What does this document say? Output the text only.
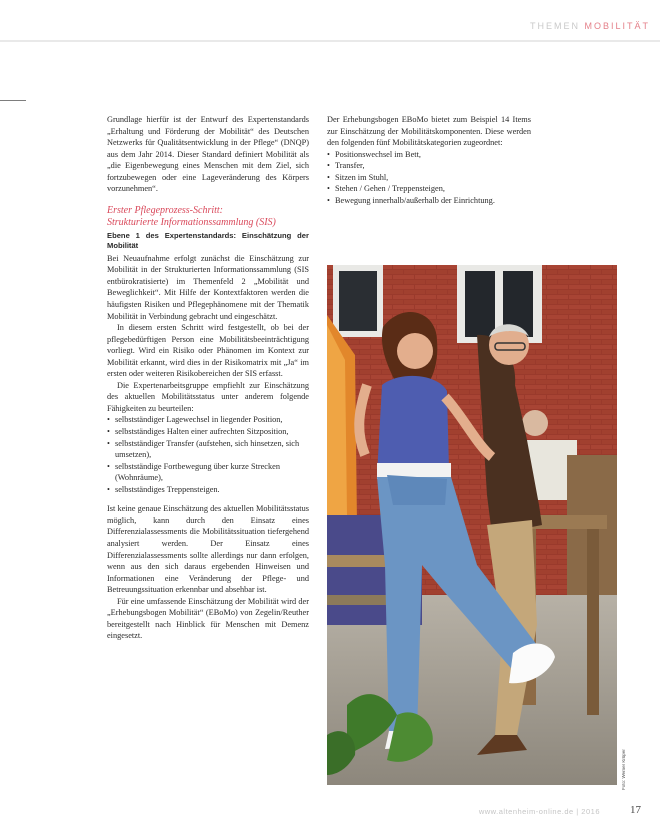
THEMEN MOBILITÄT

Grundlage hierfür ist der Entwurf des Expertenstandards „Erhaltung und Förderung der Mobilität“ des Deutschen Netzwerks für Qualitätsentwicklung in der Pflege“ (DNQP) aus dem Jahr 2014. Dieser Standard definiert Mobilität als „die Eigenbewegung eines Menschen mit dem Ziel, sich fortzubewegen oder eine Lageveränderung des Körpers vorzunehmen“.

Erster Pflegeprozess-Schritt:
Strukturierte Informationssammlung (SIS)
Ebene 1 des Expertenstandards: Einschätzung der Mobilität

Bei Neuaufnahme erfolgt zunächst die Einschätzung zur Mobilität in der Strukturierten Informationssammlung (SIS entbürokratisierte) im Themenfeld 2 „Mobilität und Beweglichkeit“. Mit Hilfe der Kontextfaktoren werden die häufigsten Risiken und Pflegephänomene mit der Thematik Mobilität in Verbindung gebracht und eingeschätzt.

In diesem ersten Schritt wird festgestellt, ob bei der pflegebedürftigen Person eine Mobilitätsbeeinträchtigung vorliegt. Wird ein Risiko oder Phänomen im Kontext zur Mobilität erkannt, wird dies in der Risikomatrix mit „Ja“ im ersten oder weiteren Risikobereichen der SIS erfasst.

Die Expertenarbeitsgruppe empfiehlt zur Einschätzung des aktuellen Mobilitätsstatus unter anderem folgende Fähigkeiten zu beurteilen:

• selbstständiger Lagewechsel in liegender Position,
• selbstständiges Halten einer aufrechten Sitzposition,
• selbstständiger Transfer (aufstehen, sich hinsetzen, sich umsetzen),
• selbstständige Fortbewegung über kurze Strecken (Wohnräume),
• selbstständiges Treppensteigen.

Ist keine genaue Einschätzung des aktuellen Mobilitätsstatus möglich, kann durch den Einsatz eines Differenzialassessments die Mobilitätssituation tiefergehend analysiert werden. Der Einsatz eines Differenzialassessments sollte allerdings nur dann erfolgen, wenn aus den sich daraus ergebenden Hinweisen und Informationen eine Veränderung der Pflege- und Betreuungssituation erkennbar und absehbar ist.

Für eine umfassende Einschätzung der Mobilität wird der „Erhebungsbogen Mobilität“ (EBoMo) von Zegelin/Reuther bereitgestellt nach Hinblick für Menschen mit Demenz eingesetzt.

Der Erhebungsbogen EBoMo bietet zum Beispiel 14 Items zur Einschätzung der Mobilitätskomponenten. Diese werden den folgenden fünf Mobilitätskategorien zugeordnet:

• Positionswechsel im Bett,
• Transfer,
• Sitzen im Stuhl,
• Stehen / Gehen / Treppensteigen,
• Bewegung innerhalb/außerhalb der Einrichtung.
Foto: Werner Krüper
www.altenheim-online.de | 2016	17
